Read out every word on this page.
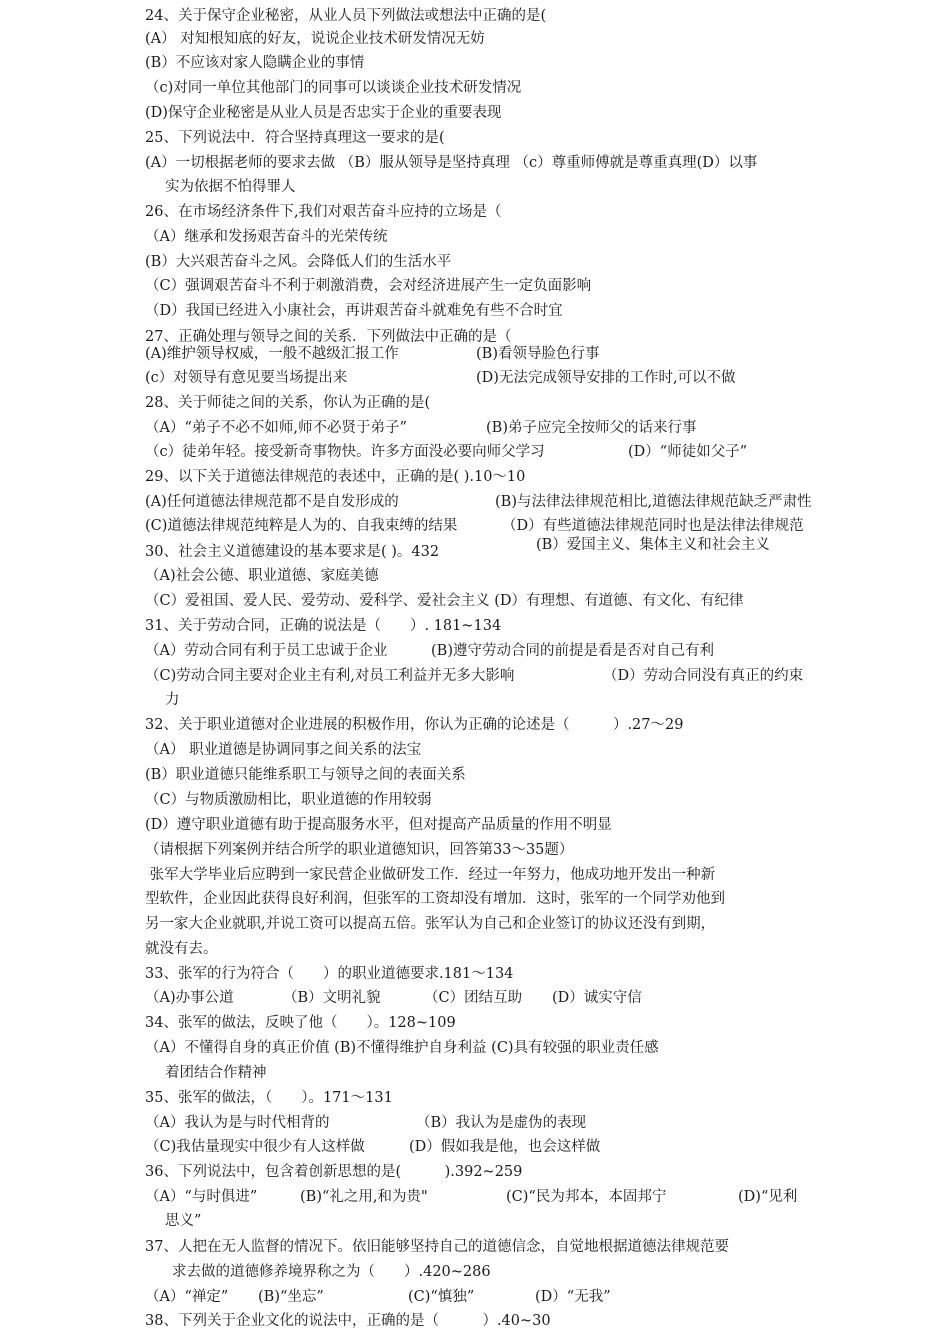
24、关于保守企业秘密，从业人员下列做法或想法中正确的是(
(A） 对知根知底的好友，说说企业技术研发情况无妨
(B）不应该对家人隐瞒企业的事情
（c)对同一单位其他部门的同事可以谈谈企业技术研发情况
(D)保守企业秘密是从业人员是否忠实于企业的重要表现
25、下列说法中．符合坚持真理这一要求的是(
(A）一切根据老师的要求去做 （B）服从领导是坚持真理 （c）尊重师傅就是尊重真理(D）以事
实为依据不怕得罪人
26、在市场经济条件下,我们对艰苦奋斗应持的立场是（
（A）继承和发扬艰苦奋斗的光荣传统
(B）大兴艰苦奋斗之风。会降低人们的生活水平
（C）强调艰苦奋斗不利于刺激消费，会对经济进展产生一定负面影响
（D）我国已经进入小康社会，再讲艰苦奋斗就难免有些不合时宜
27、正确处理与领导之间的关系．下列做法中正确的是（
(A)维护领导权威，一般不越级汇报工作	(B)看领导脸色行事
(c）对领导有意见要当场提出来	(D)无法完成领导安排的工作时,可以不做
28、关于师徒之间的关系，你认为正确的是(
（A）“弟子不必不如师,师不必贤于弟子”	(B)弟子应完全按师父的话来行事
（c）徒弟年轻。接受新奇事物快。许多方面没必要向师父学习	(D）“师徒如父子”
29、以下关于道德法律规范的表述中，正确的是( ).10～10
(A)任何道德法律规范都不是自发形成的	(B)与法律法律规范相比,道德法律规范缺乏严肃性
(C)道德法律规范纯粹是人为的、自我束缚的结果	（D）有些道德法律规范同时也是法律法律规范
30、社会主义道德建设的基本要求是( )。432	(B）爱国主义、集体主义和社会主义
（A)社会公德、职业道德、家庭美德
（C）爱祖国、爱人民、爱劳动、爱科学、爱社会主义 (D）有理想、有道德、有文化、有纪律
31、关于劳动合同，正确的说法是（　　）. 181~134
（A）劳动合同有利于员工忠诚于企业	(B)遵守劳动合同的前提是看是否对自己有利
（C)劳动合同主要对企业主有利,对员工利益并无多大影响	（D）劳动合同没有真正的约束
力
32、关于职业道德对企业进展的积极作用，你认为正确的论述是（　　　）.27～29
（A） 职业道德是协调同事之间关系的法宝
(B）职业道德只能维系职工与领导之间的表面关系
（C）与物质激励相比，职业道德的作用较弱
(D）遵守职业道德有助于提高服务水平，但对提高产品质量的作用不明显
（请根据下列案例并结合所学的职业道德知识，回答第33～35题）
张军大学毕业后应聘到一家民营企业做研发工作．经过一年努力，他成功地开发出一种新
型软件，企业因此获得良好利润，但张军的工资却没有增加．这时，张军的一个同学劝他到
另一家大企业就职,并说工资可以提高五倍。张军认为自己和企业签订的协议还没有到期，
就没有去。
33、张军的行为符合（　　）的职业道德要求.181～134
（A)办事公道	（B）文明礼貌	（C）团结互助 (D）诚实守信
34、张军的做法，反映了他（　　）。128~109
（A）不懂得自身的真正价值 (B)不懂得维护自身利益 (C)具有较强的职业责任感
着团结合作精神
35、张军的做法，（　　）。171～131
（A）我认为是与时代相背的	（B）我认为是虚伪的表现
（C)我估量现实中很少有人这样做	(D）假如我是他，也会这样做
36、下列说法中，包含着创新思想的是(　　　).392~259
（A）“与时俱进”	(B)“礼之用,和为贵"	(C)“民为邦本，本固邦宁	(D)“见利
思义”
37、人把在无人监督的情况下。依旧能够坚持自己的道德信念，自觉地根据道德法律规范要
求去做的道德修养境界称之为（　　）.420~286
（A）“禅定” (B)“坐忘”	(C)“慎独”	(D）“无我”
38、下列关于企业文化的说法中，正确的是（　　　）.40~30
